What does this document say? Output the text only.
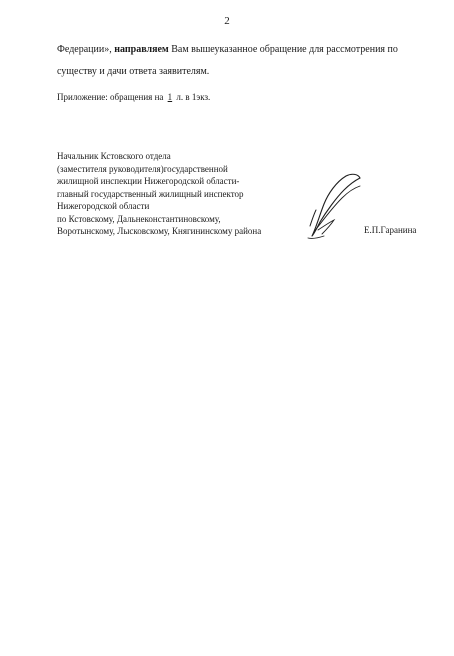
2
Федерации», направляем Вам вышеуказанное обращение для рассмотрения по
существу и дачи ответа заявителям.
Приложение: обращения на 1 л. в 1экз.
Начальник Кстовского отдела
(заместителя руководителя)государственной
жилищной инспекции Нижегородской области-
главный государственный жилищный инспектор
Нижегородской области
по Кстовскому, Дальнеконстантиновскому,
Воротынскому, Лысковскому, Княгининскому района	Е.П.Гаранина
